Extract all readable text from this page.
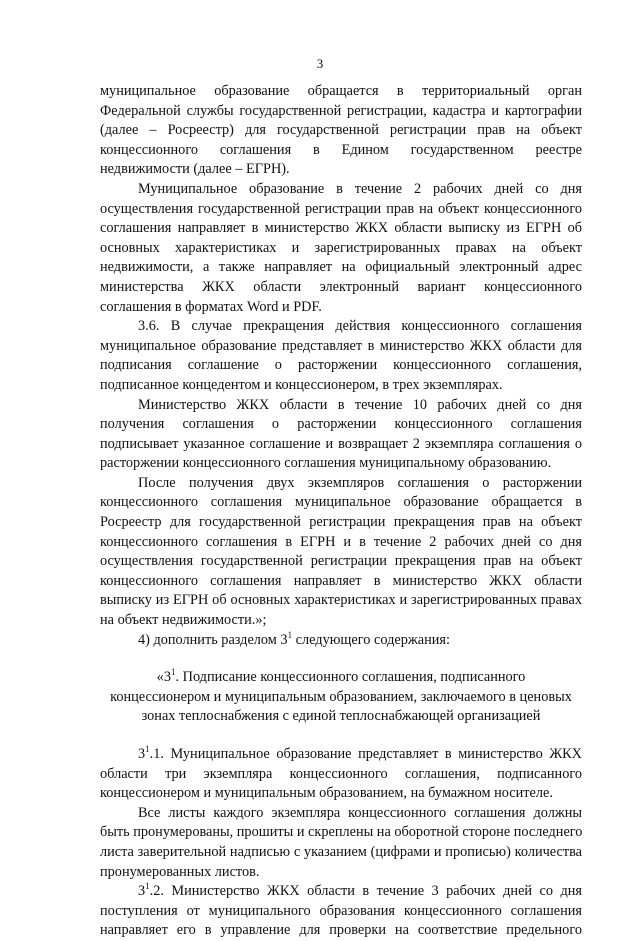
3
муниципальное образование обращается в территориальный орган
Федеральной службы государственной регистрации, кадастра и картографии
(далее – Росреестр) для государственной регистрации прав на объект
концессионного соглашения в Едином государственном реестре
недвижимости (далее – ЕГРН).
Муниципальное образование в течение 2 рабочих дней со дня
осуществления государственной регистрации прав на объект концессионного
соглашения направляет в министерство ЖКХ области выписку из ЕГРН об
основных характеристиках и зарегистрированных правах на объект
недвижимости, а также направляет на официальный электронный адрес
министерства ЖКХ области электронный вариант концессионного
соглашения в форматах Word и PDF.
3.6. В случае прекращения действия концессионного соглашения
муниципальное образование представляет в министерство ЖКХ области для
подписания соглашение о расторжении концессионного соглашения,
подписанное концедентом и концессионером, в трех экземплярах.
Министерство ЖКХ области в течение 10 рабочих дней со дня
получения соглашения о расторжении концессионного соглашения
подписывает указанное соглашение и возвращает 2 экземпляра соглашения о
расторжении концессионного соглашения муниципальному образованию.
После получения двух экземпляров соглашения о расторжении
концессионного соглашения муниципальное образование обращается в
Росреестр для государственной регистрации прекращения прав на объект
концессионного соглашения в ЕГРН и в течение 2 рабочих дней со дня
осуществления государственной регистрации прекращения прав на объект
концессионного соглашения направляет в министерство ЖКХ области
выписку из ЕГРН об основных характеристиках и зарегистрированных правах
на объект недвижимости.»;
4) дополнить разделом $3^1$ следующего содержания:
«$3^1$. Подписание концессионного соглашения, подписанного
концессионером и муниципальным образованием, заключаемого в ценовых
зонах теплоснабжения с единой теплоснабжающей организацией
$3^1.1$. Муниципальное образование представляет в министерство ЖКХ
области три экземпляра концессионного соглашения, подписанного
концессионером и муниципальным образованием, на бумажном носителе.
Все листы каждого экземпляра концессионного соглашения должны
быть пронумерованы, прошиты и скреплены на оборотной стороне последнего
листа заверительной надписью с указанием (цифрами и прописью) количества
пронумерованных листов.
$3^1.2$. Министерство ЖКХ области в течение 3 рабочих дней со дня
поступления от муниципального образования концессионного соглашения
направляет его в управление для проверки на соответствие предельного
